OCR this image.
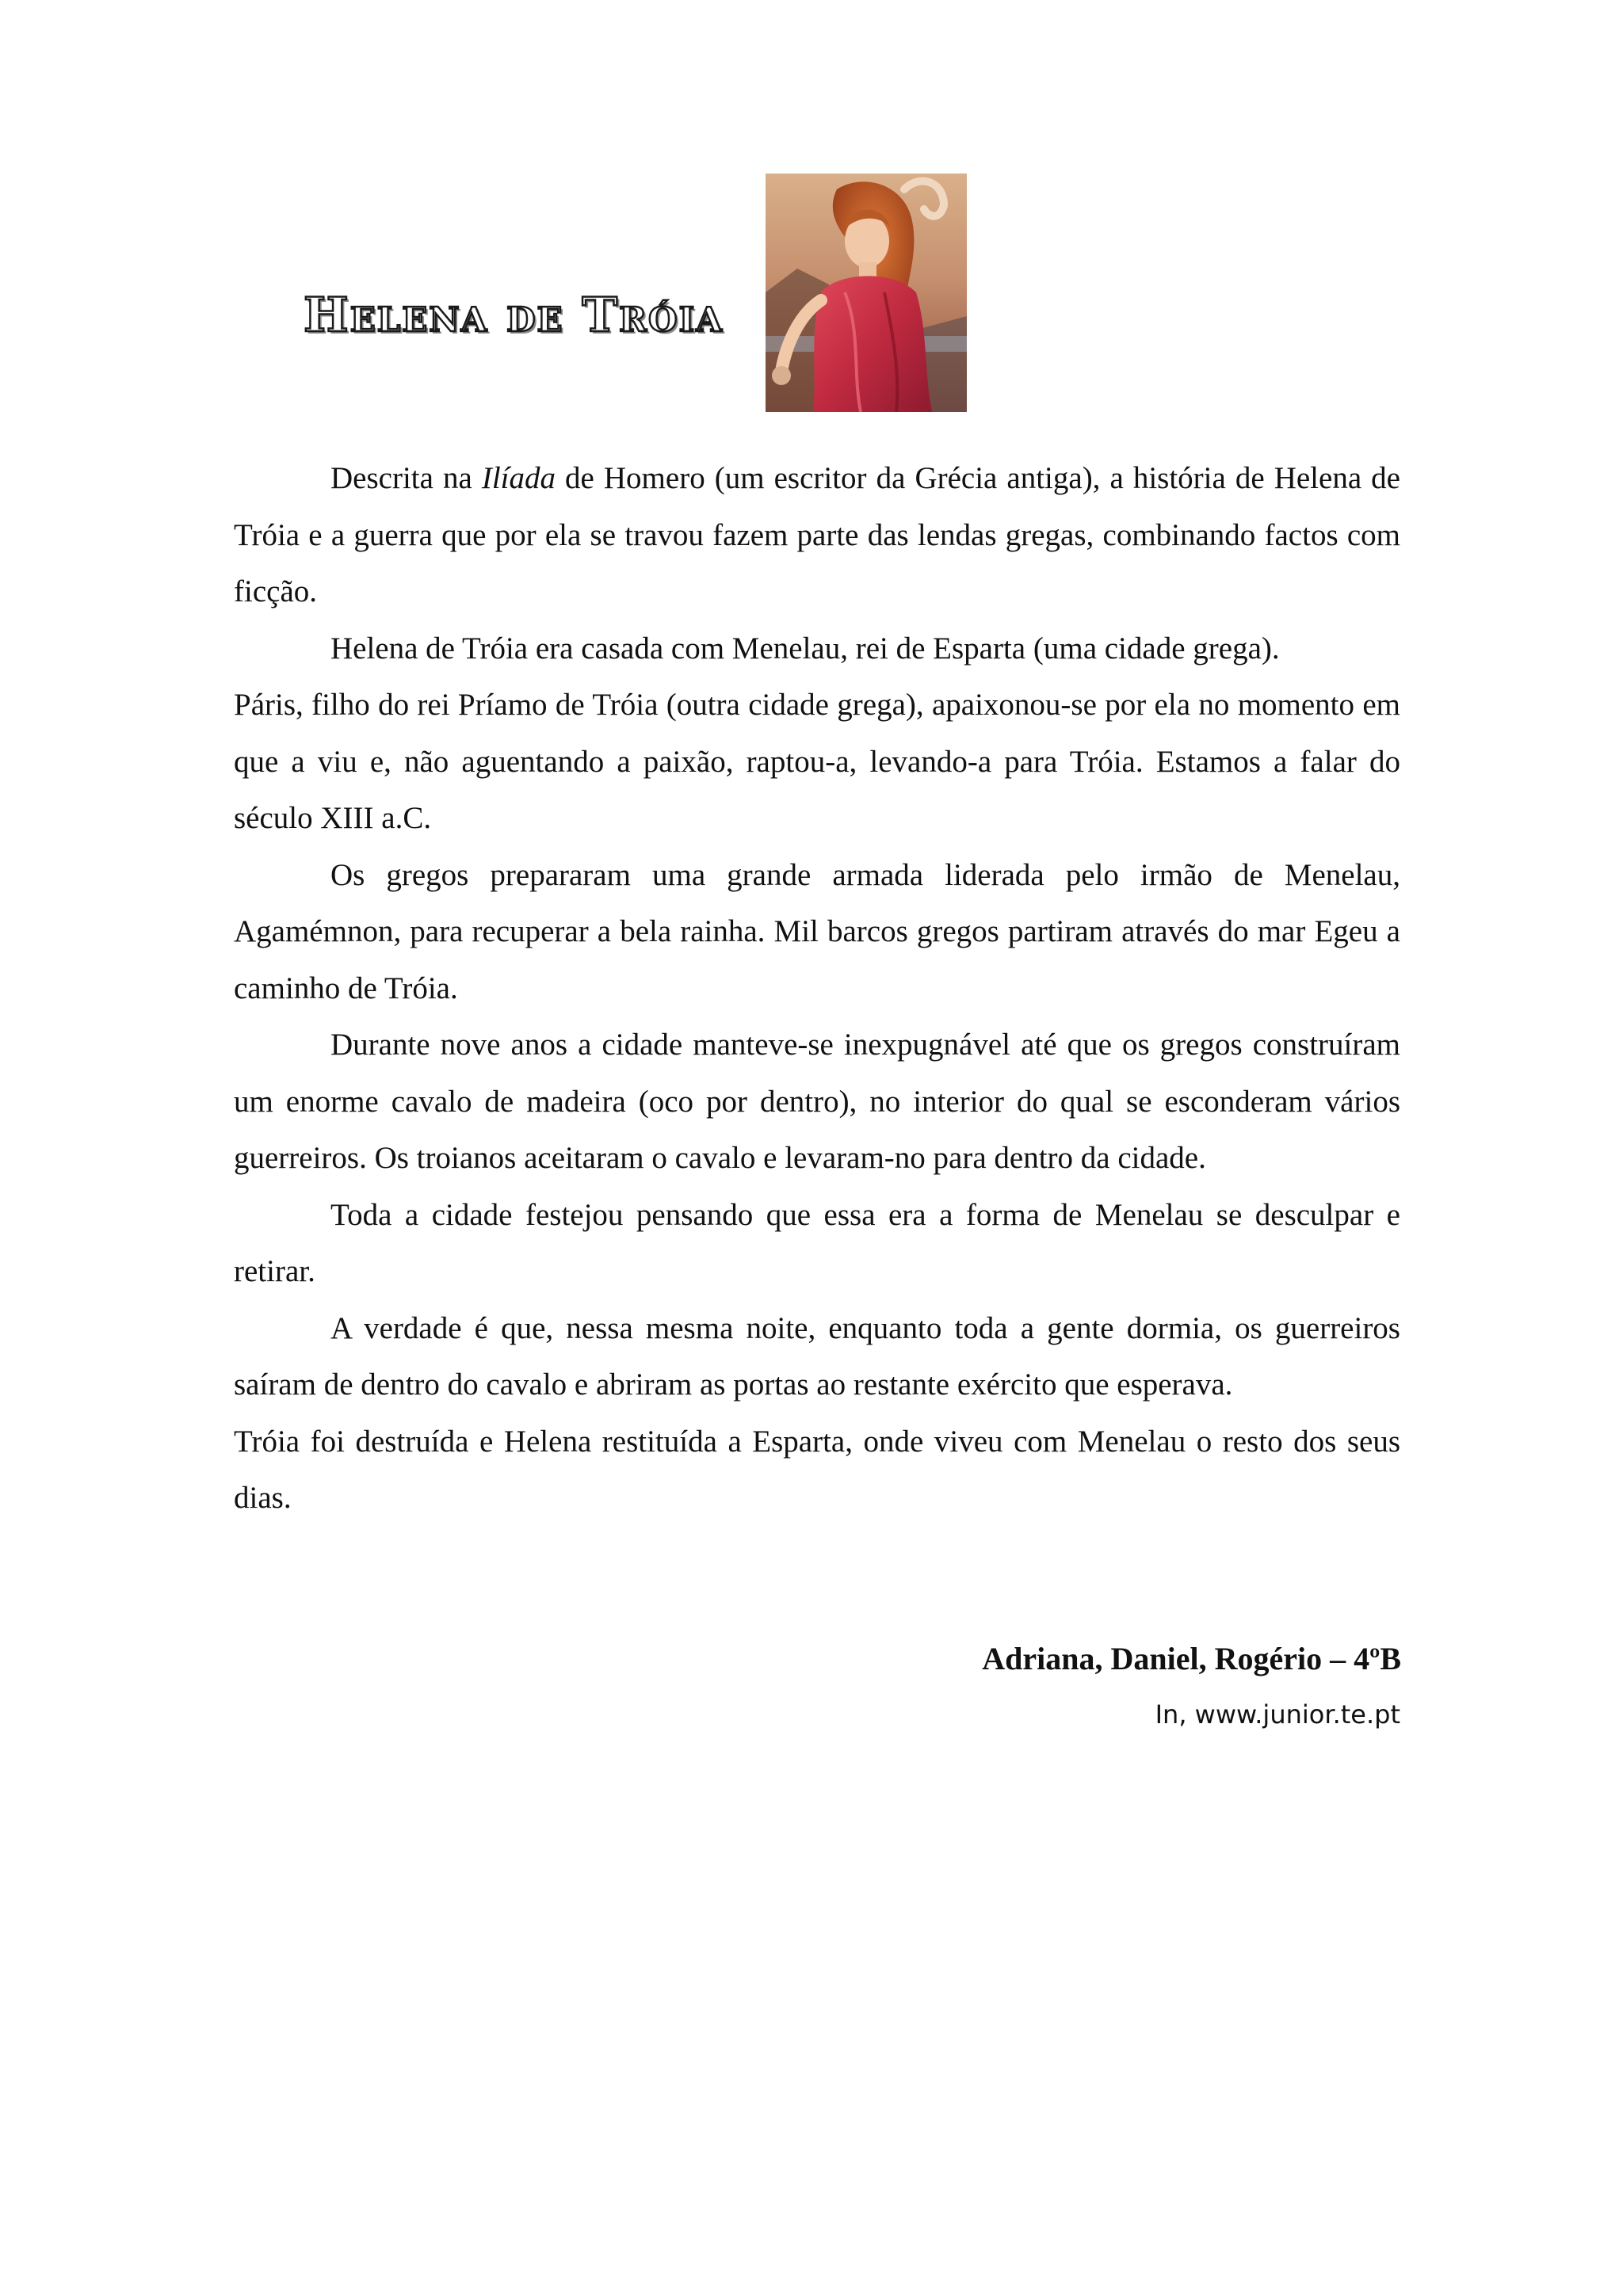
Helena de Tróia

Descrita na Ilíada de Homero (um escritor da Grécia antiga), a história de Helena de Tróia e a guerra que por ela se travou fazem parte das lendas gregas, combinando factos com ficção.

Helena de Tróia era casada com Menelau, rei de Esparta (uma cidade grega).

Páris, filho do rei Príamo de Tróia (outra cidade grega), apaixonou-se por ela no momento em que a viu e, não aguentando a paixão, raptou-a, levando-a para Tróia. Estamos a falar do século XIII a.C.

Os gregos prepararam uma grande armada liderada pelo irmão de Menelau, Agamémnon, para recuperar a bela rainha. Mil barcos gregos partiram através do mar Egeu a caminho de Tróia.

Durante nove anos a cidade manteve-se inexpugnável até que os gregos construíram um enorme cavalo de madeira (oco por dentro), no interior do qual se esconderam vários guerreiros. Os troianos aceitaram o cavalo e levaram-no para dentro da cidade.

Toda a cidade festejou pensando que essa era a forma de Menelau se desculpar e retirar.

A verdade é que, nessa mesma noite, enquanto toda a gente dormia, os guerreiros saíram de dentro do cavalo e abriram as portas ao restante exército que esperava.

Tróia foi destruída e Helena restituída a Esparta, onde viveu com Menelau o resto dos seus dias.

Adriana, Daniel, Rogério – 4ºB
In, www.junior.te.pt
